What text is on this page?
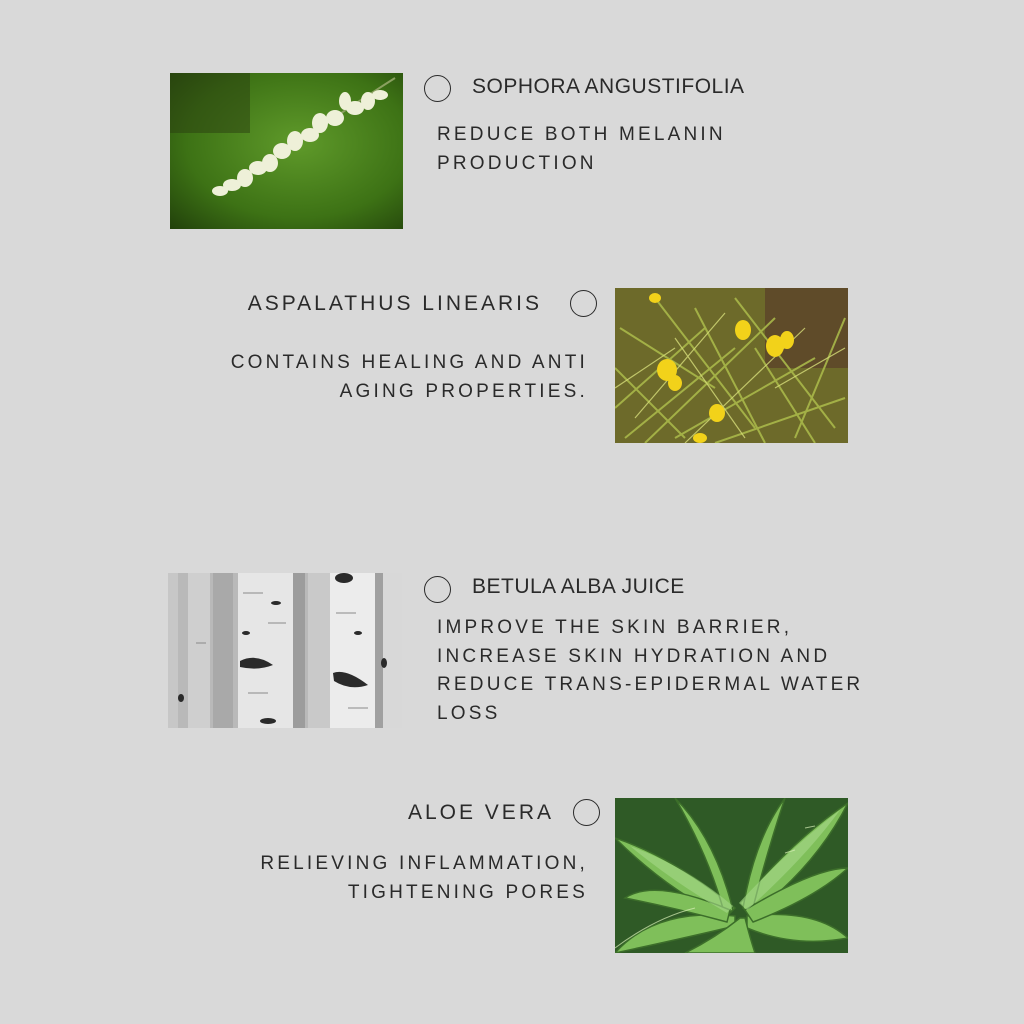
SOPHORA ANGUSTIFOLIA
REDUCE BOTH MELANIN
PRODUCTION
ASPALATHUS LINEARIS
CONTAINS HEALING AND ANTI
AGING PROPERTIES.
BETULA ALBA JUICE
IMPROVE THE SKIN BARRIER,
INCREASE SKIN HYDRATION AND
REDUCE TRANS-EPIDERMAL WATER
LOSS
ALOE VERA
RELIEVING INFLAMMATION,
TIGHTENING PORES
